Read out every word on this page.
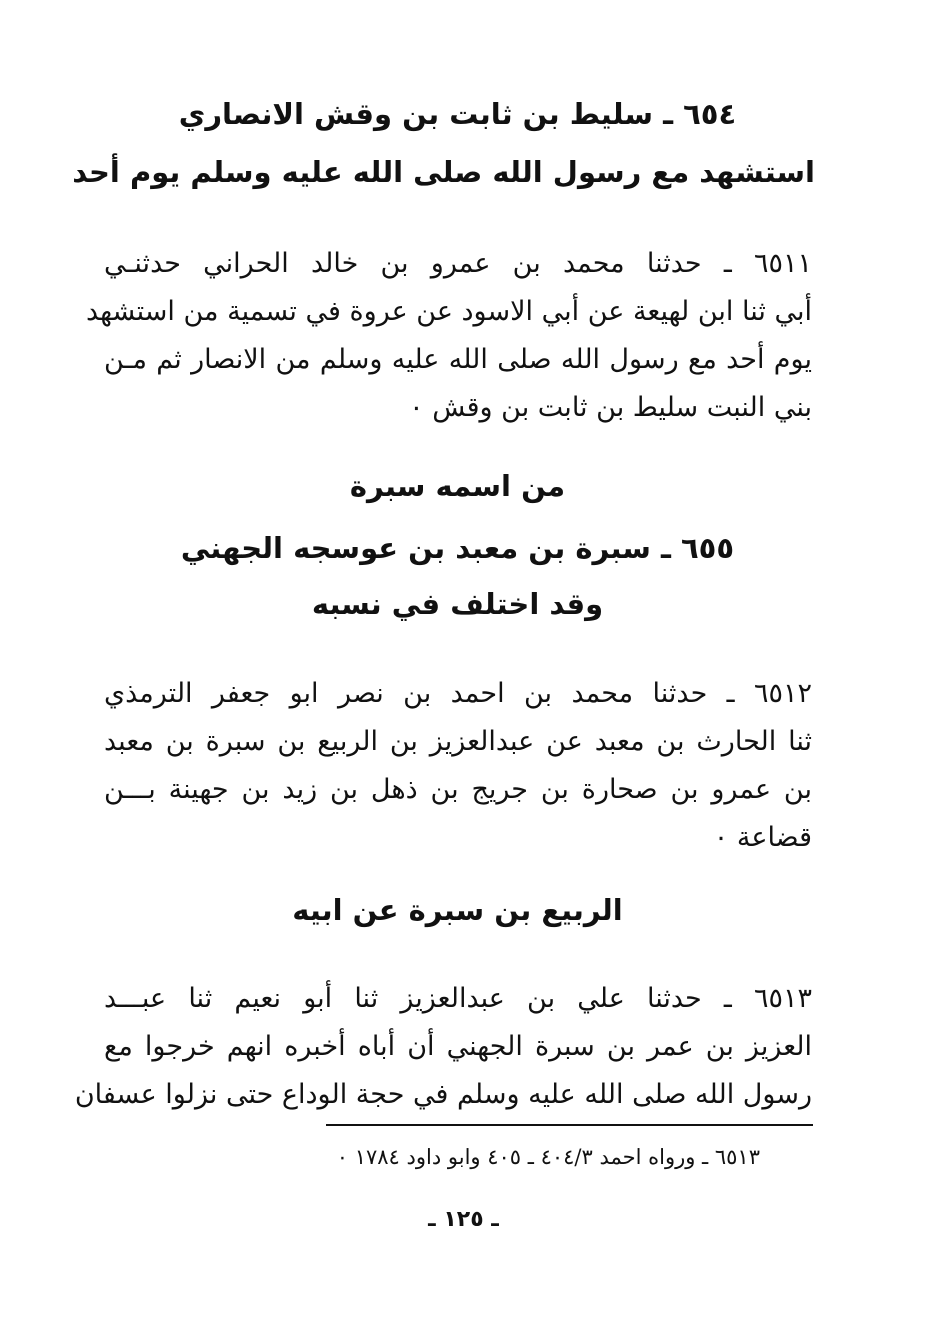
٦٥٤ ـ سليط بن ثابت بن وقش الانصاري
استشهد مع رسول الله صلى الله عليه وسلم يوم أحد
٦٥١١ ـ حدثنا محمد بن عمرو بن خالد الحراني حدثنـي
أبي ثنا ابن لهيعة عن أبي الاسود عن عروة في تسمية من استشهد
يوم أحد مع رسول الله صلى الله عليه وسلم من الانصار ثم مـن
بني النبت سليط بن ثابت بن وقش ٠
من اسمه سبرة
٦٥٥ ـ سبرة بن معبد بن عوسجه الجهني
وقد اختلف في نسبه
٦٥١٢ ـ حدثنا محمد بن احمد بن نصر ابو جعفر الترمذي
ثنا الحارث بن معبد عن عبدالعزيز بن الربيع بن سبرة بن معبد
بن عمرو بن صحارة بن جريج بن ذهل بن زيد بن جهينة بـــن
قضاعة ٠
الربيع بن سبرة عن ابيه
٦٥١٣ ـ حدثنا علي بن عبدالعزيز ثنا أبو نعيم ثنا عبـــد
العزيز بن عمر بن سبرة الجهني أن أباه أخبره انهم خرجوا مع
رسول الله صلى الله عليه وسلم في حجة الوداع حتى نزلوا عسفان
٦٥١٣ ـ ورواه احمد ٤٠٤/٣ ـ ٤٠٥ وابو داود ١٧٨٤ ٠
ـ ١٢٥ ـ
